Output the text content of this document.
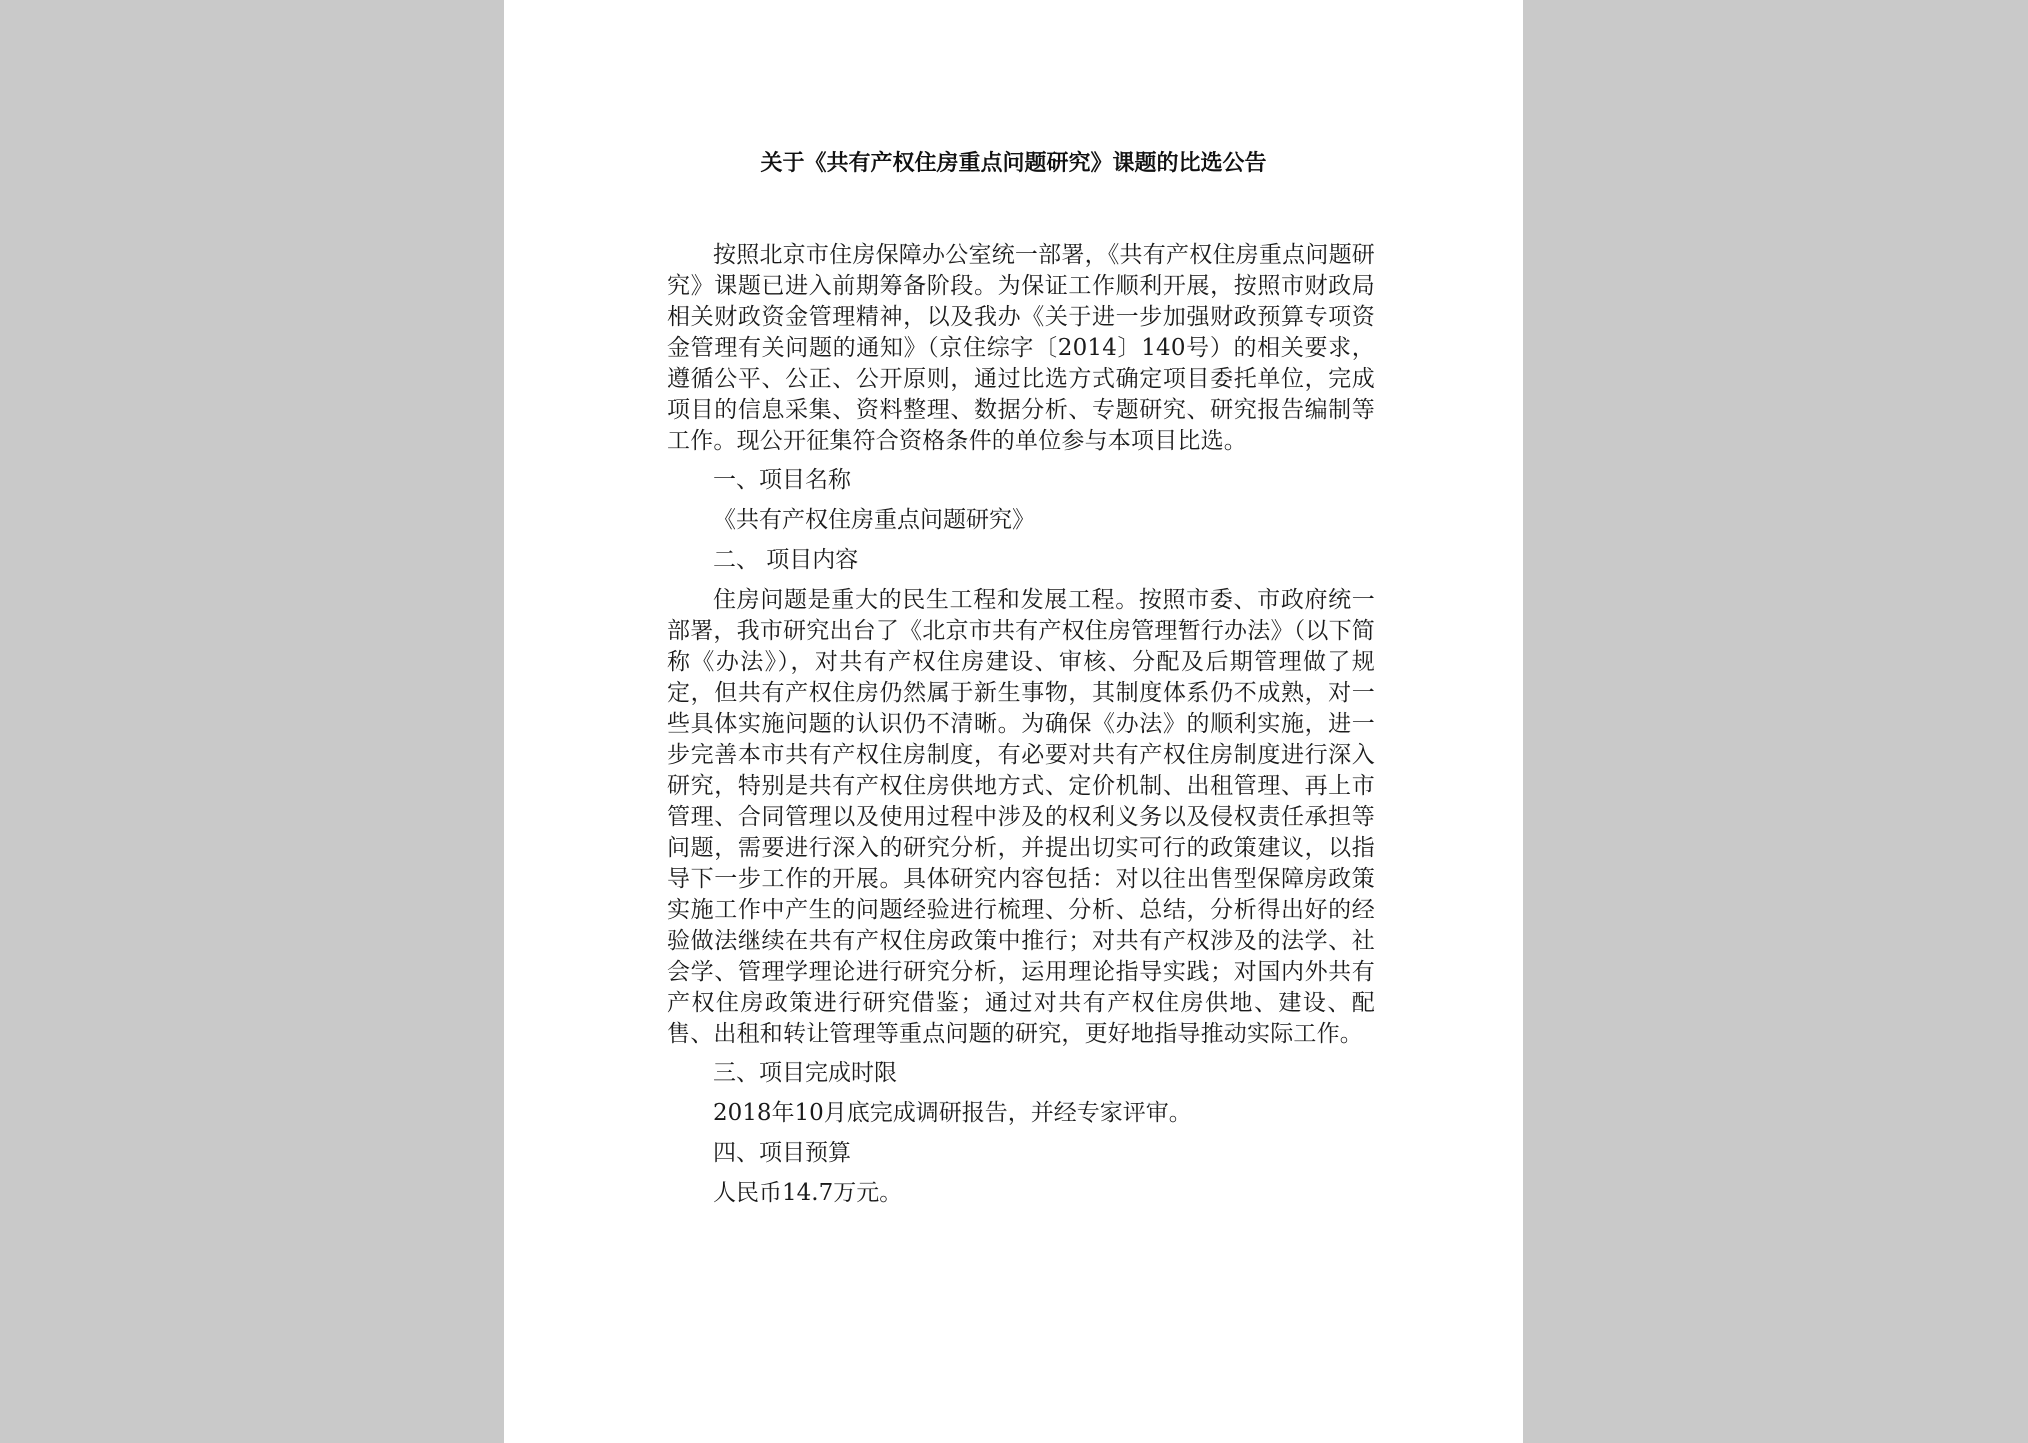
关于《共有产权住房重点问题研究》课题的比选公告

按照北京市住房保障办公室统一部署，《共有产权住房重点问题研究》课题已进入前期筹备阶段。为保证工作顺利开展，按照市财政局相关财政资金管理精神，以及我办《关于进一步加强财政预算专项资金管理有关问题的通知》（京住综字〔2014〕140号）的相关要求，遵循公平、公正、公开原则，通过比选方式确定项目委托单位，完成项目的信息采集、资料整理、数据分析、专题研究、研究报告编制等工作。现公开征集符合资格条件的单位参与本项目比选。

一、项目名称

《共有产权住房重点问题研究》

二、 项目内容

住房问题是重大的民生工程和发展工程。按照市委、市政府统一部署，我市研究出台了《北京市共有产权住房管理暂行办法》（以下简称《办法》），对共有产权住房建设、审核、分配及后期管理做了规定，但共有产权住房仍然属于新生事物，其制度体系仍不成熟，对一些具体实施问题的认识仍不清晰。为确保《办法》的顺利实施，进一步完善本市共有产权住房制度，有必要对共有产权住房制度进行深入研究，特别是共有产权住房供地方式、定价机制、出租管理、再上市管理、合同管理以及使用过程中涉及的权利义务以及侵权责任承担等问题，需要进行深入的研究分析，并提出切实可行的政策建议，以指导下一步工作的开展。具体研究内容包括：对以往出售型保障房政策实施工作中产生的问题经验进行梳理、分析、总结，分析得出好的经验做法继续在共有产权住房政策中推行；对共有产权涉及的法学、社会学、管理学理论进行研究分析，运用理论指导实践；对国内外共有产权住房政策进行研究借鉴；通过对共有产权住房供地、建设、配售、出租和转让管理等重点问题的研究，更好地指导推动实际工作。

三、项目完成时限

2018年10月底完成调研报告，并经专家评审。

四、项目预算

人民币14.7万元。
